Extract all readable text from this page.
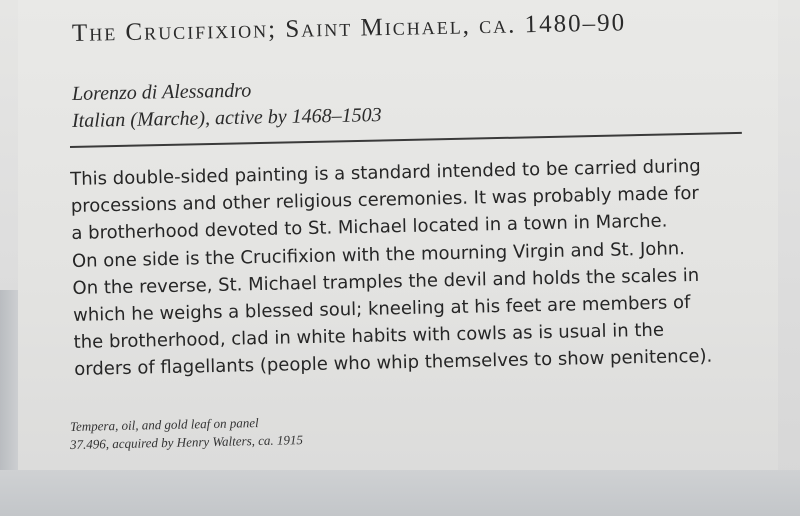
The Crucifixion; Saint Michael, ca. 1480–90
Lorenzo di Alessandro
Italian (Marche), active by 1468–1503
This double-sided painting is a standard intended to be carried during
processions and other religious ceremonies. It was probably made for
a brotherhood devoted to St. Michael located in a town in Marche.
On one side is the Crucifixion with the mourning Virgin and St. John.
On the reverse, St. Michael tramples the devil and holds the scales in
which he weighs a blessed soul; kneeling at his feet are members of
the brotherhood, clad in white habits with cowls as is usual in the
orders of flagellants (people who whip themselves to show penitence).
Tempera, oil, and gold leaf on panel
37.496, acquired by Henry Walters, ca. 1915
